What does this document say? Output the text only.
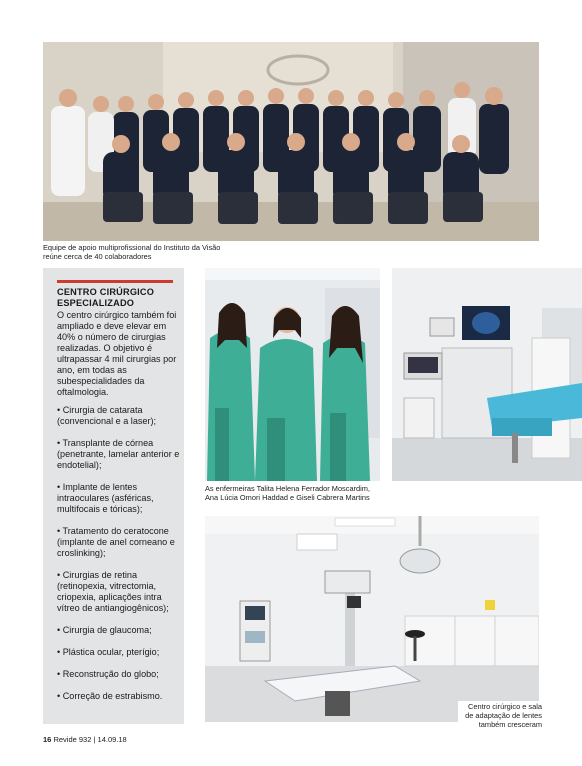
Equipe de apoio multiprofissional do Instituto da Visão reúne cerca de 40 colaboradores
CENTRO CIRÚRGICO ESPECIALIZADO
O centro cirúrgico também foi ampliado e deve elevar em 40% o número de cirurgias realizadas. O objetivo é ultrapassar 4 mil cirurgias por ano, em todas as subespecialidades da oftalmologia.
• Cirurgia de catarata (convencional e a laser);
• Transplante de córnea (penetrante, lamelar anterior e endotelial);
• Implante de lentes intraoculares (asféricas, multifocais e tóricas);
• Tratamento do ceratocone (implante de anel corneano e croslinking);
• Cirurgias de retina (retinopexia, vitrectomia, criopexia, aplicações intra vítreo de antiangiogênicos);
• Cirurgia de glaucoma;
• Plástica ocular, pterígio;
• Reconstrução do globo;
• Correção de estrabismo.
As enfermeiras Talita Helena Ferrador Moscardim, Ana Lúcia Omori Haddad e Giseli Cabrera Martins
Centro cirúrgico e sala de adaptação de lentes também cresceram
16 Revide 932 | 14.09.18
